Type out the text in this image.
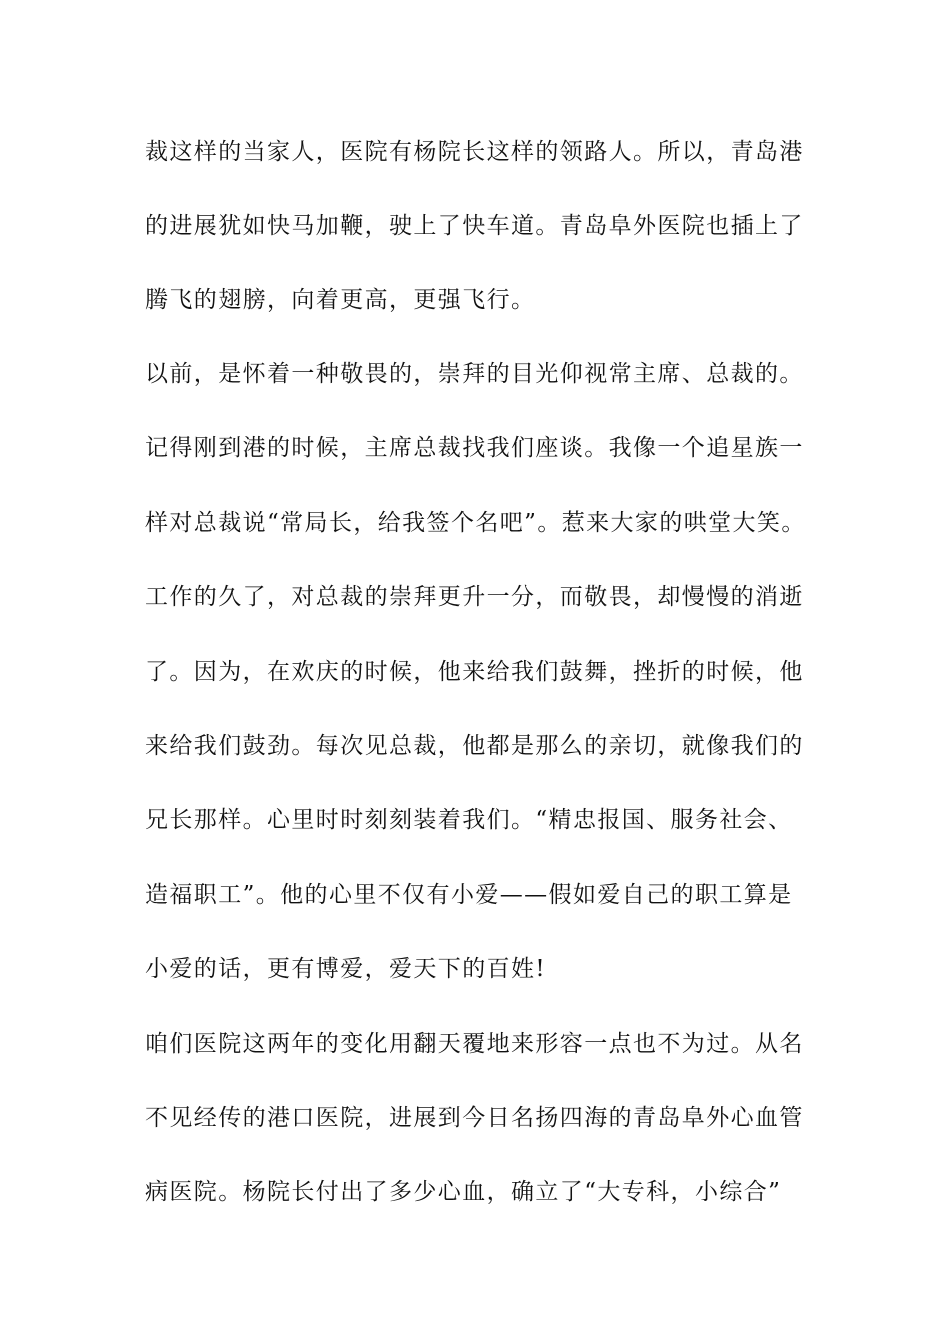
裁这样的当家人，医院有杨院长这样的领路人。所以，青岛港
的进展犹如快马加鞭，驶上了快车道。青岛阜外医院也插上了
腾飞的翅膀，向着更高，更强飞行。
以前，是怀着一种敬畏的，崇拜的目光仰视常主席、总裁的。
记得刚到港的时候，主席总裁找我们座谈。我像一个追星族一
样对总裁说“常局长，给我签个名吧”。惹来大家的哄堂大笑。
工作的久了，对总裁的崇拜更升一分，而敬畏，却慢慢的消逝
了。因为，在欢庆的时候，他来给我们鼓舞，挫折的时候，他
来给我们鼓劲。每次见总裁，他都是那么的亲切，就像我们的
兄长那样。心里时时刻刻装着我们。“精忠报国、服务社会、
造福职工”。他的心里不仅有小爱——假如爱自己的职工算是
小爱的话，更有博爱，爱天下的百姓!
咱们医院这两年的变化用翻天覆地来形容一点也不为过。从名
不见经传的港口医院，进展到今日名扬四海的青岛阜外心血管
病医院。杨院长付出了多少心血，确立了“大专科，小综合”
